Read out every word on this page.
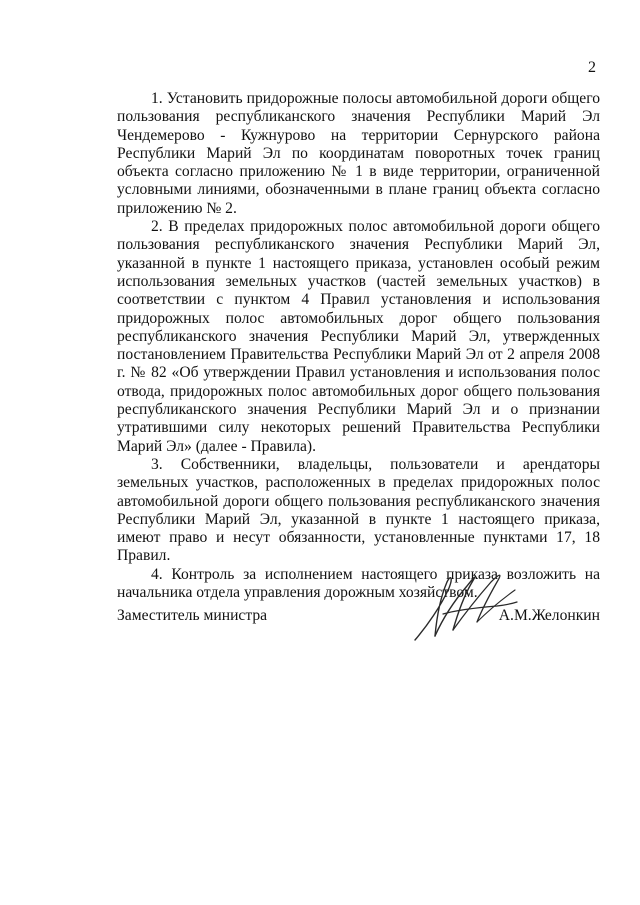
2

1. Установить придорожные полосы автомобильной дороги общего пользования республиканского значения Республики Марий Эл Чендемерово - Кужнурово на территории Сернурского района Республики Марий Эл по координатам поворотных точек границ объекта согласно приложению № 1 в виде территории, ограниченной условными линиями, обозначенными в плане границ объекта согласно приложению № 2.

2. В пределах придорожных полос автомобильной дороги общего пользования республиканского значения Республики Марий Эл, указанной в пункте 1 настоящего приказа, установлен особый режим использования земельных участков (частей земельных участков) в соответствии с пунктом 4 Правил установления и использования придорожных полос автомобильных дорог общего пользования республиканского значения Республики Марий Эл, утвержденных постановлением Правительства Республики Марий Эл от 2 апреля 2008 г. № 82 «Об утверждении Правил установления и использования полос отвода, придорожных полос автомобильных дорог общего пользования республиканского значения Республики Марий Эл и о признании утратившими силу некоторых решений Правительства Республики Марий Эл» (далее - Правила).

3. Собственники, владельцы, пользователи и арендаторы земельных участков, расположенных в пределах придорожных полос автомобильной дороги общего пользования республиканского значения Республики Марий Эл, указанной в пункте 1 настоящего приказа, имеют право и несут обязанности, установленные пунктами 17, 18 Правил.

4. Контроль за исполнением настоящего приказа возложить на начальника отдела управления дорожным хозяйством.

Заместитель министра	А.М.Желонкин
